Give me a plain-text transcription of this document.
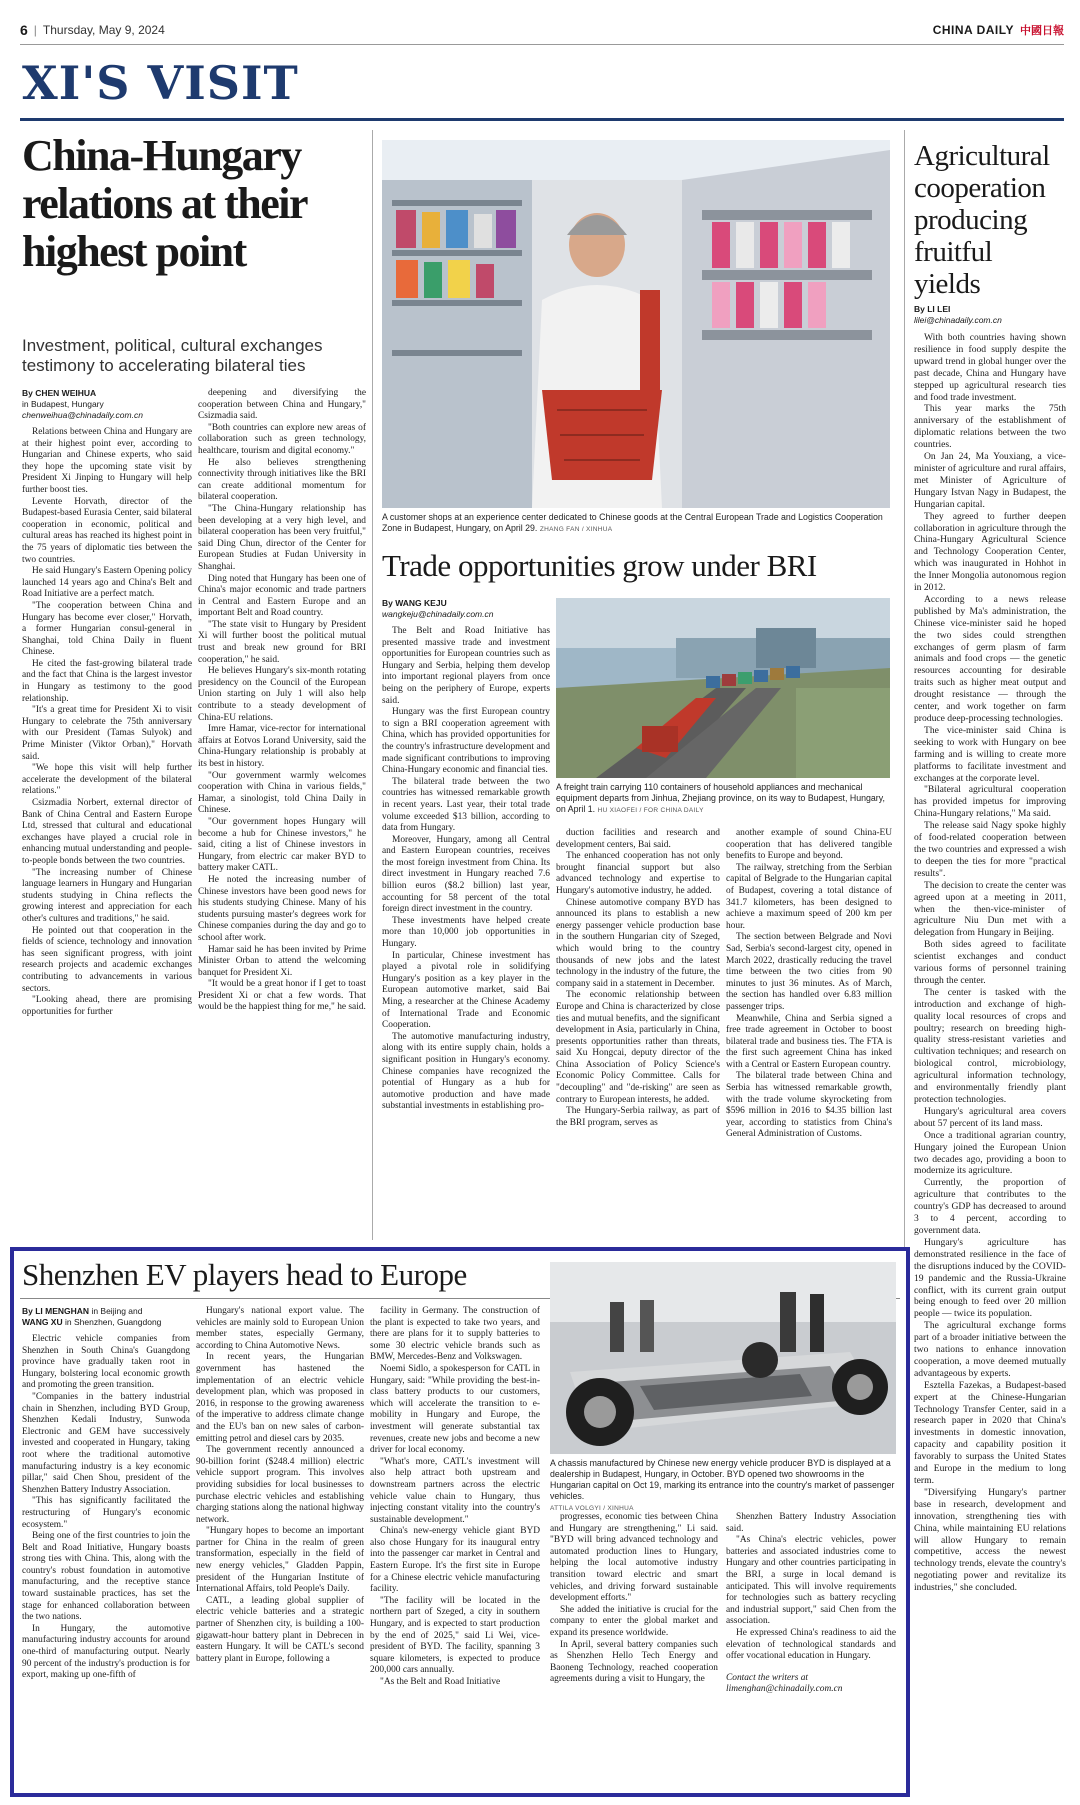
6 | Thursday, May 9, 2024	CHINA DAILY 中國日報
XI'S VISIT
China-Hungary relations at their highest point
Investment, political, cultural exchanges testimony to accelerating bilateral ties
By CHEN WEIHUA
in Budapest, Hungary
chenweihua@chinadaily.com.cn

Relations between China and Hungary are at their highest point ever, according to Hungarian and Chinese experts, who said they hope the upcoming state visit by President Xi Jinping to Hungary will help further boost ties.

Levente Horvath, director of the Budapest-based Eurasia Center, said bilateral cooperation in economic, political and cultural areas has reached its highest point in the 75 years of diplomatic ties between the two countries.

He said Hungary's Eastern Opening policy launched 14 years ago and China's Belt and Road Initiative are a perfect match.

"The cooperation between China and Hungary has become ever closer," Horvath, a former Hungarian consul-general in Shanghai, told China Daily in fluent Chinese.

He cited the fast-growing bilateral trade and the fact that China is the largest investor in Hungary as testimony to the good relationship.

"It's a great time for President Xi to visit Hungary to celebrate the 75th anniversary with our President (Tamas Sulyok) and Prime Minister (Viktor Orban)," Horvath said.

"We hope this visit will help further accelerate the development of the bilateral relations."

Csizmadia Norbert, external director of Bank of China Central and Eastern Europe Ltd, stressed that cultural and educational exchanges have played a crucial role in enhancing mutual understanding and people-to-people bonds between the two countries.

"The increasing number of Chinese language learners in Hungary and Hungarian students studying in China reflects the growing interest and appreciation for each other's cultures and traditions," he said.

He pointed out that cooperation in the fields of science, technology and innovation has seen significant progress, with joint research projects and academic exchanges contributing to advancements in various sectors.

"Looking ahead, there are promising opportunities for further

deepening and diversifying the cooperation between China and Hungary," Csizmadia said.

"Both countries can explore new areas of collaboration such as green technology, healthcare, tourism and digital economy."

He also believes strengthening connectivity through initiatives like the BRI can create additional momentum for bilateral cooperation.

"The China-Hungary relationship has been developing at a very high level, and bilateral cooperation has been very fruitful," said Ding Chun, director of the Center for European Studies at Fudan University in Shanghai.

Ding noted that Hungary has been one of China's major economic and trade partners in Central and Eastern Europe and an important Belt and Road country.

"The state visit to Hungary by President Xi will further boost the political mutual trust and break new ground for BRI cooperation," he said.

He believes Hungary's six-month rotating presidency on the Council of the European Union starting on July 1 will also help contribute to a steady development of China-EU relations.

Imre Hamar, vice-rector for international affairs at Eotvos Lorand University, said the China-Hungary relationship is probably at its best in history.

"Our government warmly welcomes cooperation with China in various fields," Hamar, a sinologist, told China Daily in Chinese.

"Our government hopes Hungary will become a hub for Chinese investors," he said, citing a list of Chinese investors in Hungary, from electric car maker BYD to battery maker CATL.

He noted the increasing number of Chinese investors have been good news for his students studying Chinese. Many of his students pursuing master's degrees work for Chinese companies during the day and go to school after work.

Hamar said he has been invited by Prime Minister Orban to attend the welcoming banquet for President Xi.

"It would be a great honor if I get to toast President Xi or chat a few words. That would be the happiest thing for me," he said.

A customer shops at an experience center dedicated to Chinese goods at the Central European Trade and Logistics Cooperation Zone in Budapest, Hungary, on April 29. ZHANG FAN / XINHUA
Trade opportunities grow under BRI
By WANG KEJU
wangkeju@chinadaily.com.cn

The Belt and Road Initiative has presented massive trade and investment opportunities for European countries such as Hungary and Serbia, helping them develop into important regional players from once being on the periphery of Europe, experts said.

Hungary was the first European country to sign a BRI cooperation agreement with China, which has provided opportunities for the country's infrastructure development and made significant contributions to improving China-Hungary economic and financial ties.

The bilateral trade between the two countries has witnessed remarkable growth in recent years. Last year, their total trade volume exceeded $13 billion, according to data from Hungary.

Moreover, Hungary, among all Central and Eastern European countries, receives the most foreign investment from China. Its direct investment in Hungary reached 7.6 billion euros ($8.2 billion) last year, accounting for 58 percent of the total foreign direct investment in the country.

These investments have helped create more than 10,000 job opportunities in Hungary.

In particular, Chinese investment has played a pivotal role in solidifying Hungary's position as a key player in the European automotive market, said Bai Ming, a researcher at the Chinese Academy of International Trade and Economic Cooperation.

The automotive manufacturing industry, along with its entire supply chain, holds a significant position in Hungary's economy. Chinese companies have recognized the potential of Hungary as a hub for automotive production and have made substantial investments in establishing pro-

A freight train carrying 110 containers of household appliances and mechanical equipment departs from Jinhua, Zhejiang province, on its way to Budapest, Hungary, on April 1. HU XIAOFEI / FOR CHINA DAILY

duction facilities and research and development centers, Bai said.

The enhanced cooperation has not only brought financial support but also advanced technology and expertise to Hungary's automotive industry, he added.

Chinese automotive company BYD has announced its plans to establish a new energy passenger vehicle production base in the southern Hungarian city of Szeged, which would bring to the country thousands of new jobs and the latest technology in the industry of the future, the company said in a statement in December.

The economic relationship between Europe and China is characterized by close ties and mutual benefits, and the significant development in Asia, particularly in China, presents opportunities rather than threats, said Xu Hongcai, deputy director of the China Association of Policy Science's Economic Policy Committee. Calls for "decoupling" and "de-risking" are seen as contrary to European interests, he added.

The Hungary-Serbia railway, as part of the BRI program, serves as

another example of sound China-EU cooperation that has delivered tangible benefits to Europe and beyond.

The railway, stretching from the Serbian capital of Belgrade to the Hungarian capital of Budapest, covering a total distance of 341.7 kilometers, has been designed to achieve a maximum speed of 200 km per hour.

The section between Belgrade and Novi Sad, Serbia's second-largest city, opened in March 2022, drastically reducing the travel time between the two cities from 90 minutes to just 36 minutes. As of March, the section has handled over 6.83 million passenger trips.

Meanwhile, China and Serbia signed a free trade agreement in October to boost bilateral trade and business ties. The FTA is the first such agreement China has inked with a Central or Eastern European country.

The bilateral trade between China and Serbia has witnessed remarkable growth, with the trade volume skyrocketing from $596 million in 2016 to $4.35 billion last year, according to statistics from China's General Administration of Customs.

Agricultural cooperation producing fruitful yields
By LI LEI
lilei@chinadaily.com.cn

With both countries having shown resilience in food supply despite the upward trend in global hunger over the past decade, China and Hungary have stepped up agricultural research ties and food trade investment.

This year marks the 75th anniversary of the establishment of diplomatic relations between the two countries.

On Jan 24, Ma Youxiang, a vice-minister of agriculture and rural affairs, met Minister of Agriculture of Hungary Istvan Nagy in Budapest, the Hungarian capital.

They agreed to further deepen collaboration in agriculture through the China-Hungary Agricultural Science and Technology Cooperation Center, which was inaugurated in Hohhot in the Inner Mongolia autonomous region in 2012.

According to a news release published by Ma's administration, the Chinese vice-minister said he hoped the two sides could strengthen exchanges of germ plasm of farm animals and food crops — the genetic resources accounting for desirable traits such as higher meat output and drought resistance — through the center, and work together on farm produce deep-processing technologies.

The vice-minister said China is seeking to work with Hungary on bee farming and is willing to create more platforms to facilitate investment and exchanges at the corporate level.

"Bilateral agricultural cooperation has provided impetus for improving China-Hungary relations," Ma said.

The release said Nagy spoke highly of food-related cooperation between the two countries and expressed a wish to deepen the ties for more "practical results".

The decision to create the center was agreed upon at a meeting in 2011, when the then-vice-minister of agriculture Niu Dun met with a delegation from Hungary in Beijing.

Both sides agreed to facilitate scientist exchanges and conduct various forms of personnel training through the center.

The center is tasked with the introduction and exchange of high-quality local resources of crops and poultry; research on breeding high-quality stress-resistant varieties and cultivation techniques; and research on biological control, microbiology, agricultural information technology, and environmentally friendly plant protection technologies.

Hungary's agricultural area covers about 57 percent of its land mass.

Once a traditional agrarian country, Hungary joined the European Union two decades ago, providing a boon to modernize its agriculture.

Currently, the proportion of agriculture that contributes to the country's GDP has decreased to around 3 to 4 percent, according to government data.

Hungary's agriculture has demonstrated resilience in the face of the disruptions induced by the COVID-19 pandemic and the Russia-Ukraine conflict, with its current grain output being enough to feed over 20 million people — twice its population.

The agricultural exchange forms part of a broader initiative between the two nations to enhance innovation cooperation, a move deemed mutually advantageous by experts.

Esztella Fazekas, a Budapest-based expert at the Chinese-Hungarian Technology Transfer Center, said in a research paper in 2020 that China's investments in domestic innovation, capacity and capability position it favorably to surpass the United States and Europe in the medium to long term.

"Diversifying Hungary's partner base in research, development and innovation, strengthening ties with China, while maintaining EU relations will allow Hungary to remain competitive, access the newest technology trends, elevate the country's negotiating power and revitalize its industries," she concluded.

Shenzhen EV players head to Europe
By LI MENGHAN in Beijing and
WANG XU in Shenzhen, Guangdong

Electric vehicle companies from Shenzhen in South China's Guangdong province have gradually taken root in Hungary, bolstering local economic growth and promoting the green transition.

"Companies in the battery industrial chain in Shenzhen, including BYD Group, Shenzhen Kedali Industry, Sunwoda Electronic and GEM have successively invested and cooperated in Hungary, taking root where the traditional automotive manufacturing industry is a key economic pillar," said Chen Shou, president of the Shenzhen Battery Industry Association.

"This has significantly facilitated the restructuring of Hungary's economic ecosystem."

Being one of the first countries to join the Belt and Road Initiative, Hungary boasts strong ties with China. This, along with the country's robust foundation in automotive manufacturing, and the receptive stance toward sustainable practices, has set the stage for enhanced collaboration between the two nations.

In Hungary, the automotive manufacturing industry accounts for around one-third of manufacturing output. Nearly 90 percent of the industry's production is for export, making up one-fifth of

Hungary's national export value. The vehicles are mainly sold to European Union member states, especially Germany, according to China Automotive News.

In recent years, the Hungarian government has hastened the implementation of an electric vehicle development plan, which was proposed in 2016, in response to the growing awareness of the imperative to address climate change and the EU's ban on new sales of carbon-emitting petrol and diesel cars by 2035.

The government recently announced a 90-billion forint ($248.4 million) electric vehicle support program. This involves providing subsidies for local businesses to purchase electric vehicles and establishing charging stations along the national highway network.

"Hungary hopes to become an important partner for China in the realm of green transformation, especially in the field of new energy vehicles," Gladden Pappin, president of the Hungarian Institute of International Affairs, told People's Daily.

CATL, a leading global supplier of electric vehicle batteries and a strategic partner of Shenzhen city, is building a 100-gigawatt-hour battery plant in Debrecen in eastern Hungary. It will be CATL's second battery plant in Europe, following a

facility in Germany. The construction of the plant is expected to take two years, and there are plans for it to supply batteries to some 30 electric vehicle brands such as BMW, Mercedes-Benz and Volkswagen.

Noemi Sidlo, a spokesperson for CATL in Hungary, said: "While providing the best-in-class battery products to our customers, which will accelerate the transition to e-mobility in Hungary and Europe, the investment will generate substantial tax revenues, create new jobs and become a new driver for local economy.

"What's more, CATL's investment will also help attract both upstream and downstream partners across the electric vehicle value chain to Hungary, thus injecting constant vitality into the country's sustainable development."

China's new-energy vehicle giant BYD also chose Hungary for its inaugural entry into the passenger car market in Central and Eastern Europe. It's the first site in Europe for a Chinese electric vehicle manufacturing facility.

"The facility will be located in the northern part of Szeged, a city in southern Hungary, and is expected to start production by the end of 2025," said Li Wei, vice-president of BYD. The facility, spanning 3 square kilometers, is expected to produce 200,000 cars annually.

"As the Belt and Road Initiative

A chassis manufactured by Chinese new energy vehicle producer BYD is displayed at a dealership in Budapest, Hungary, in October. BYD opened two showrooms in the Hungarian capital on Oct 19, marking its entrance into the country's market of passenger vehicles.
ATTILA VOLGYI / XINHUA

progresses, economic ties between China and Hungary are strengthening," Li said. "BYD will bring advanced technology and automated production lines to Hungary, helping the local automotive industry transition toward electric and smart vehicles, and driving forward sustainable development efforts."

She added the initiative is crucial for the company to enter the global market and expand its presence worldwide.

In April, several battery companies such as Shenzhen Hello Tech Energy and Baoneng Technology, reached cooperation agreements during a visit to Hungary, the

Shenzhen Battery Industry Association said.

"As China's electric vehicles, power batteries and associated industries come to Hungary and other countries participating in the BRI, a surge in local demand is anticipated. This will involve requirements for technologies such as battery recycling and industrial support," said Chen from the association.

He expressed China's readiness to aid the elevation of technological standards and offer vocational education in Hungary.

Contact the writers at
limenghan@chinadaily.com.cn
